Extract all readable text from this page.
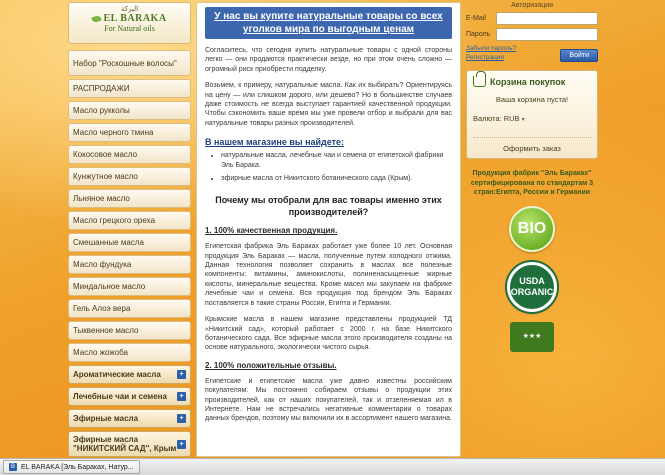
البركة
EL BARAKA
For Natural oils
Набор "Роскошные волосы"
РАСПРОДАЖИ
Масло рукколы
Масло черного тмина
Кокосовое масло
Кунжутное масло
Льняное масло
Масло грецкого ореха
Смешанные масла
Масло фундука
Миндальное масло
Гель Алоэ вера
Тыквенное масло
Масло жожоба
Ароматические масла	+
Лечебные чаи и семена	+
Эфирные масла	+
Эфирные масла "НИКИТСКИЙ САД", Крым +
У нас вы купите натуральные товары со всех уголков мира по выгодным ценам

Согласитесь, что сегодня купить натуральные товары с одной стороны легко — они продаются практически везде, но при этом очень сложно — огромный риск приобрести подделку.

Возьмем, к примеру, натуральные масла. Как их выбирать? Ориентируясь на цену — или слишком дорого, или дешево? Но в большинстве случаев даже стоимость не всегда выступает гарантией качественной продукции. Чтобы сэкономить ваше время мы уже провели отбор и выбрали для вас натуральные товары разных производителей.

В нашем магазине вы найдете:
• натуральные масла, лечебные чаи и семена от египетской фабрики Эль Барака.
• эфирные масла от Никитского ботанического сада (Крым).
Почему мы отобрали для вас товары именно этих производителей?
1. 100% качественная продукция.

Египетская фабрика Эль Бараках работает уже более 10 лет. Основная продукция Эль Бараках — масла, полученные путем холодного отжима. Данная технология позволяет сохранить в маслах все полезные компоненты: витамины, аминокислоты, полиненасыщенные жирные кислоты, минеральные вещества. Кроме масел мы закупаем на фабрике лечебные чаи и семена. Вся продукция под брендом Эль Бараках поставляется в такие страны России, Египта и Германии.

Крымские масла в нашем магазине представлены продукцией ТД «Никитский сад», который работает с 2000 г. на базе Никитского ботанического сада. Все эфирные масла этого производителя созданы на основе натурального, экологически чистого сырья.

2. 100% положительные отзывы.

Египетские и египетские масла уже давно известны российским покупателям. Мы постоянно собираем отзывы о продукции этих производителей, как от наших покупателей, так и отзеленяемая ил в Интернете. Нам не встречались негативные комментарии о товарах данных брендов, поэтому мы включили их в ассортимент нашего магазина.

Авторизация
E-Mail
Пароль
Забыли пароль?
Регистрация	Войти
Корзина покупок
Ваша корзина пуста!
Валюта: RUB ▾
Оформить заказ
Продукция фабрик "Эль Бараках" сертифицирована по стандартам 3 стран:Египта, России и Германии
BIO
USDA
ORGANIC
★★★
B EL BARAKA [Эль Бараках, Натур...
